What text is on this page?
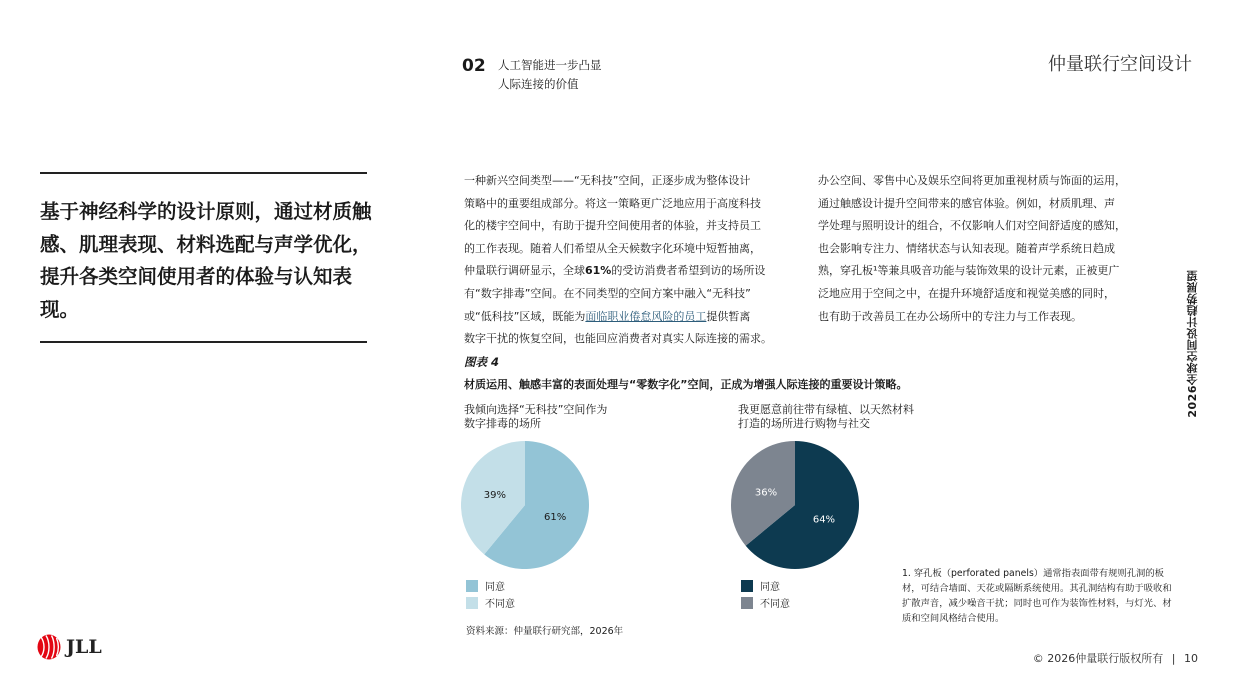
02 人工智能进一步凸显
人际连接的价值
仲量联行空间设计
基于神经科学的设计原则，通过材质触感、肌理表现、材料选配与声学优化，提升各类空间使用者的体验与认知表现。
一种新兴空间类型——“无科技”空间，正逐步成为整体设计
策略中的重要组成部分。将这一策略更广泛地应用于高度科技
化的楼宇空间中，有助于提升空间使用者的体验，并支持员工
的工作表现。随着人们希望从全天候数字化环境中短暂抽离，
仲量联行调研显示，全球61%的受访消费者希望到访的场所设
有“数字排毒”空间。在不同类型的空间方案中融入“无科技”
或“低科技”区域，既能为面临职业倦怠风险的员工提供暂离
数字干扰的恢复空间，也能回应消费者对真实人际连接的需求。
办公空间、零售中心及娱乐空间将更加重视材质与饰面的运用，
通过触感设计提升空间带来的感官体验。例如，材质肌理、声
学处理与照明设计的组合，不仅影响人们对空间舒适度的感知，
也会影响专注力、情绪状态与认知表现。随着声学系统日趋成
熟，穿孔板¹等兼具吸音功能与装饰效果的设计元素，正被更广
泛地应用于空间之中，在提升环境舒适度和视觉美感的同时，
也有助于改善员工在办公场所中的专注力与工作表现。
图表 4
材质运用、触感丰富的表面处理与“零数字化”空间，正成为增强人际连接的重要设计策略。
我倾向选择“无科技”空间作为
数字排毒的场所
61%
39%
我更愿意前往带有绿植、以天然材料
打造的场所进行购物与社交
64%
36%
同意
不同意
同意
不同意
资料来源：仲量联行研究部，2026年
1. 穿孔板（perforated panels）通常指表面带有规则孔洞的板材，可结合墙面、天花或隔断系统使用。其孔洞结构有助于吸收和扩散声音，减少噪音干扰；同时也可作为装饰性材料，与灯光、材质和空间风格结合使用。
2026全球空间设计趋势展望
JLL
© 2026仲量联行版权所有 | 10
